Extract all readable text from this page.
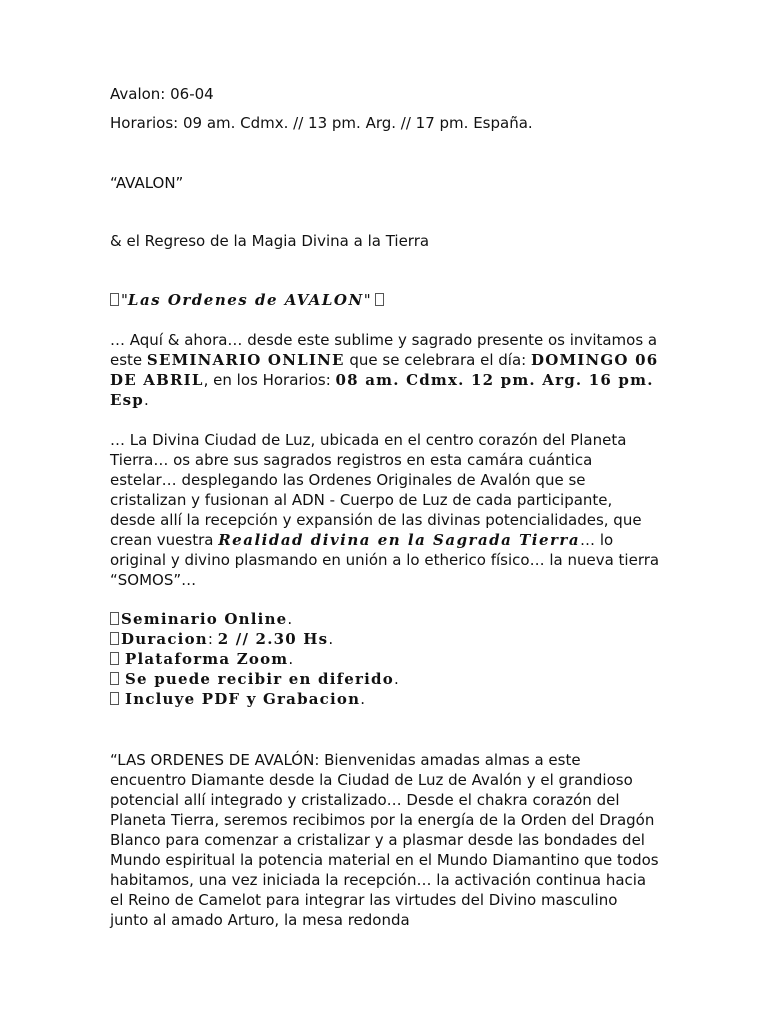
Avalon: 06-04

Horarios: 09 am. Cdmx. // 13 pm. Arg. // 17 pm. España.

“AVALON”

& el Regreso de la Magia Divina a la Tierra

"Las Ordenes de AVALON"

… Aquí & ahora… desde este sublime y sagrado presente os invitamos a este SEMINARIO ONLINE que se celebrara el día: DOMINGO 06 DE ABRIL, en los Horarios: 08 am. Cdmx. 12 pm. Arg. 16 pm. Esp.

… La Divina Ciudad de Luz, ubicada en el centro corazón del Planeta Tierra… os abre sus sagrados registros en esta camára cuántica estelar… desplegando las Ordenes Originales de Avalón que se cristalizan y fusionan al ADN - Cuerpo de Luz de cada participante, desde allí la recepción y expansión de las divinas potencialidades, que crean vuestra Realidad divina en la Sagrada Tierra… lo original y divino plasmando en unión a lo etherico físico… la nueva tierra “SOMOS”…

Seminario Online.

Duracion: 2 // 2.30 Hs.

Plataforma Zoom.

Se puede recibir en diferido.

Incluye PDF y Grabacion.

“LAS ORDENES DE AVALÓN: Bienvenidas amadas almas a este encuentro Diamante desde la Ciudad de Luz de Avalón y el grandioso potencial allí integrado y cristalizado… Desde el chakra corazón del Planeta Tierra, seremos recibimos por la energía de la Orden del Dragón Blanco para comenzar a cristalizar y a plasmar desde las bondades del Mundo espiritual la potencia material en el Mundo Diamantino que todos habitamos, una vez iniciada la recepción… la activación continua hacia el Reino de Camelot para integrar las virtudes del Divino masculino junto al amado Arturo, la mesa redonda
